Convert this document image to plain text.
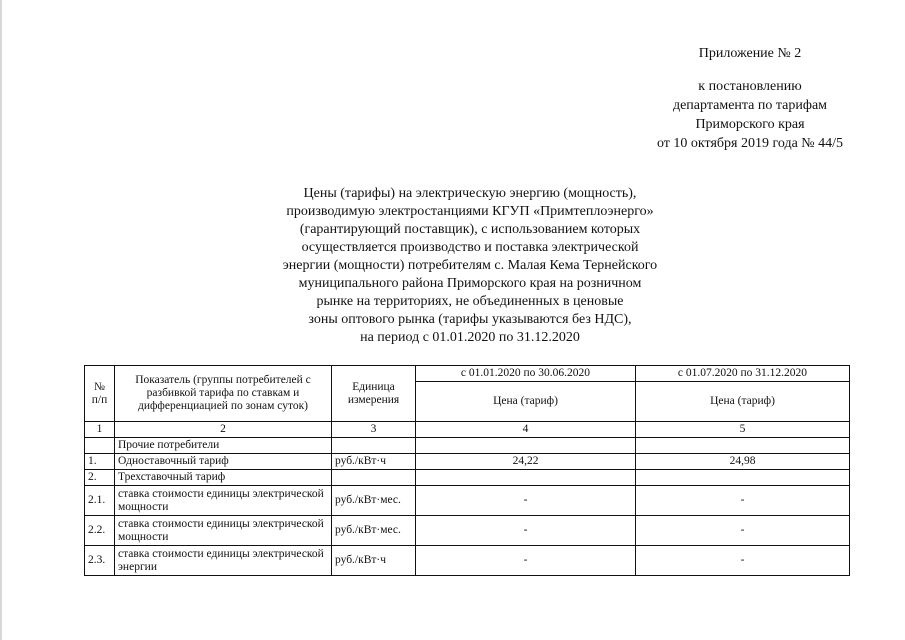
Приложение № 2
к постановлению
департамента по тарифам
Приморского края
от 10 октября 2019 года № 44/5
Цены (тарифы) на электрическую энергию (мощность),
производимую электростанциями КГУП «Примтеплоэнерго»
(гарантирующий поставщик), с использованием которых
осуществляется производство и поставка электрической
энергии (мощности) потребителям с. Малая Кема Тернейского
муниципального района Приморского края на розничном
рынке на территориях, не объединенных в ценовые
зоны оптового рынка (тарифы указываются без НДС),
на период с 01.01.2020 по 31.12.2020
№ п/п	Показатель (группы потребителей с разбивкой тарифа по ставкам и дифференциацией по зонам суток)	Единица измерения	с 01.01.2020 по 30.06.2020	с 01.07.2020 по 31.12.2020
			Цена (тариф)	Цена (тариф)
1	2	3	4	5
	Прочие потребители			
1.	Одноставочный тариф	руб./кВт·ч	24,22	24,98
2.	Трехставочный тариф			
2.1.	ставка стоимости единицы электрической мощности	руб./кВт·мес.	-	-
2.2.	ставка стоимости единицы электрической мощности	руб./кВт·мес.	-	-
2.3.	ставка стоимости единицы электрической энергии	руб./кВт·ч	-	-
